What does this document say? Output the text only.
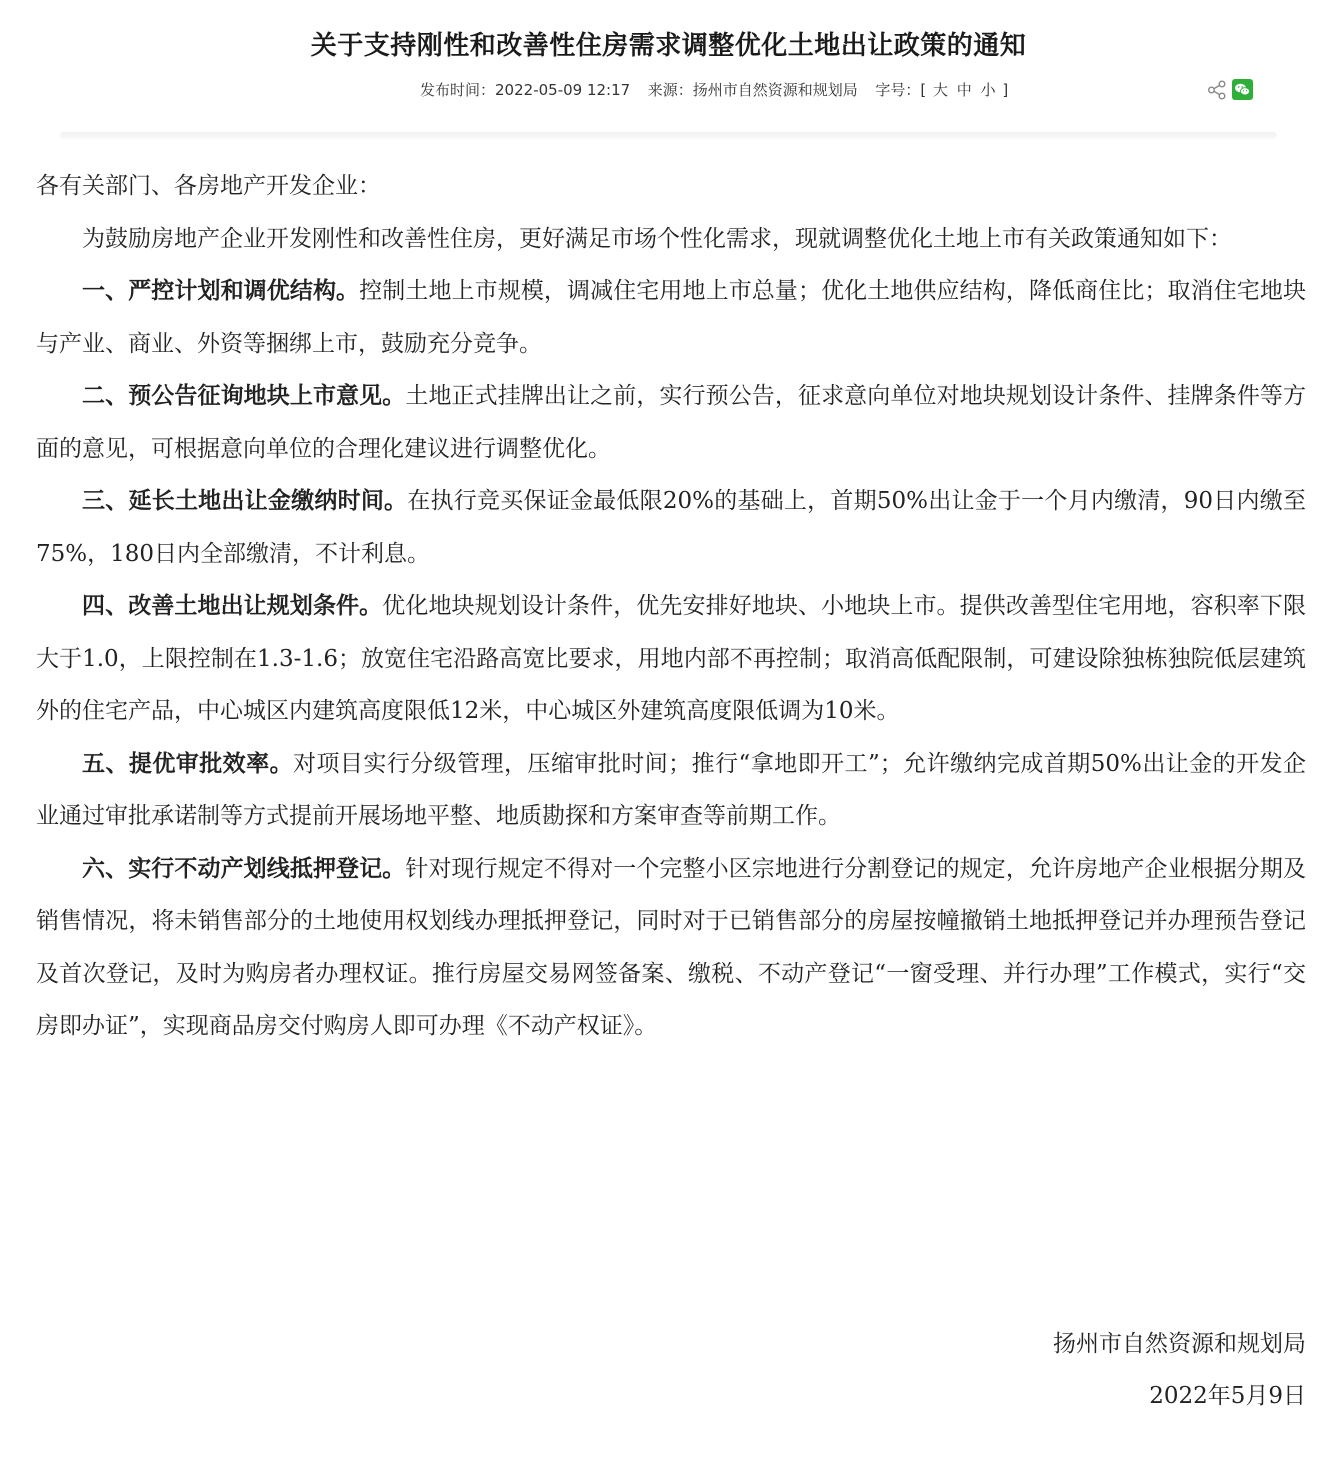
关于支持刚性和改善性住房需求调整优化土地出让政策的通知
发布时间：2022-05-09 12:17 来源：扬州市自然资源和规划局 字号：[ 大 中 小 ]

各有关部门、各房地产开发企业：

为鼓励房地产企业开发刚性和改善性住房，更好满足市场个性化需求，现就调整优化土地上市有关政策通知如下：

一、严控计划和调优结构。控制土地上市规模，调减住宅用地上市总量；优化土地供应结构，降低商住比；取消住宅地块与产业、商业、外资等捆绑上市，鼓励充分竞争。

二、预公告征询地块上市意见。土地正式挂牌出让之前，实行预公告，征求意向单位对地块规划设计条件、挂牌条件等方面的意见，可根据意向单位的合理化建议进行调整优化。

三、延长土地出让金缴纳时间。在执行竞买保证金最低限20%的基础上，首期50%出让金于一个月内缴清，90日内缴至75%，180日内全部缴清，不计利息。

四、改善土地出让规划条件。优化地块规划设计条件，优先安排好地块、小地块上市。提供改善型住宅用地，容积率下限大于1.0，上限控制在1.3-1.6；放宽住宅沿路高宽比要求，用地内部不再控制；取消高低配限制，可建设除独栋独院低层建筑外的住宅产品，中心城区内建筑高度限低12米，中心城区外建筑高度限低调为10米。

五、提优审批效率。对项目实行分级管理，压缩审批时间；推行“拿地即开工”；允许缴纳完成首期50%出让金的开发企业通过审批承诺制等方式提前开展场地平整、地质勘探和方案审查等前期工作。

六、实行不动产划线抵押登记。针对现行规定不得对一个完整小区宗地进行分割登记的规定，允许房地产企业根据分期及销售情况，将未销售部分的土地使用权划线办理抵押登记，同时对于已销售部分的房屋按幢撤销土地抵押登记并办理预告登记及首次登记，及时为购房者办理权证。推行房屋交易网签备案、缴税、不动产登记“一窗受理、并行办理”工作模式，实行“交房即办证”，实现商品房交付购房人即可办理《不动产权证》。

扬州市自然资源和规划局
2022年5月9日
